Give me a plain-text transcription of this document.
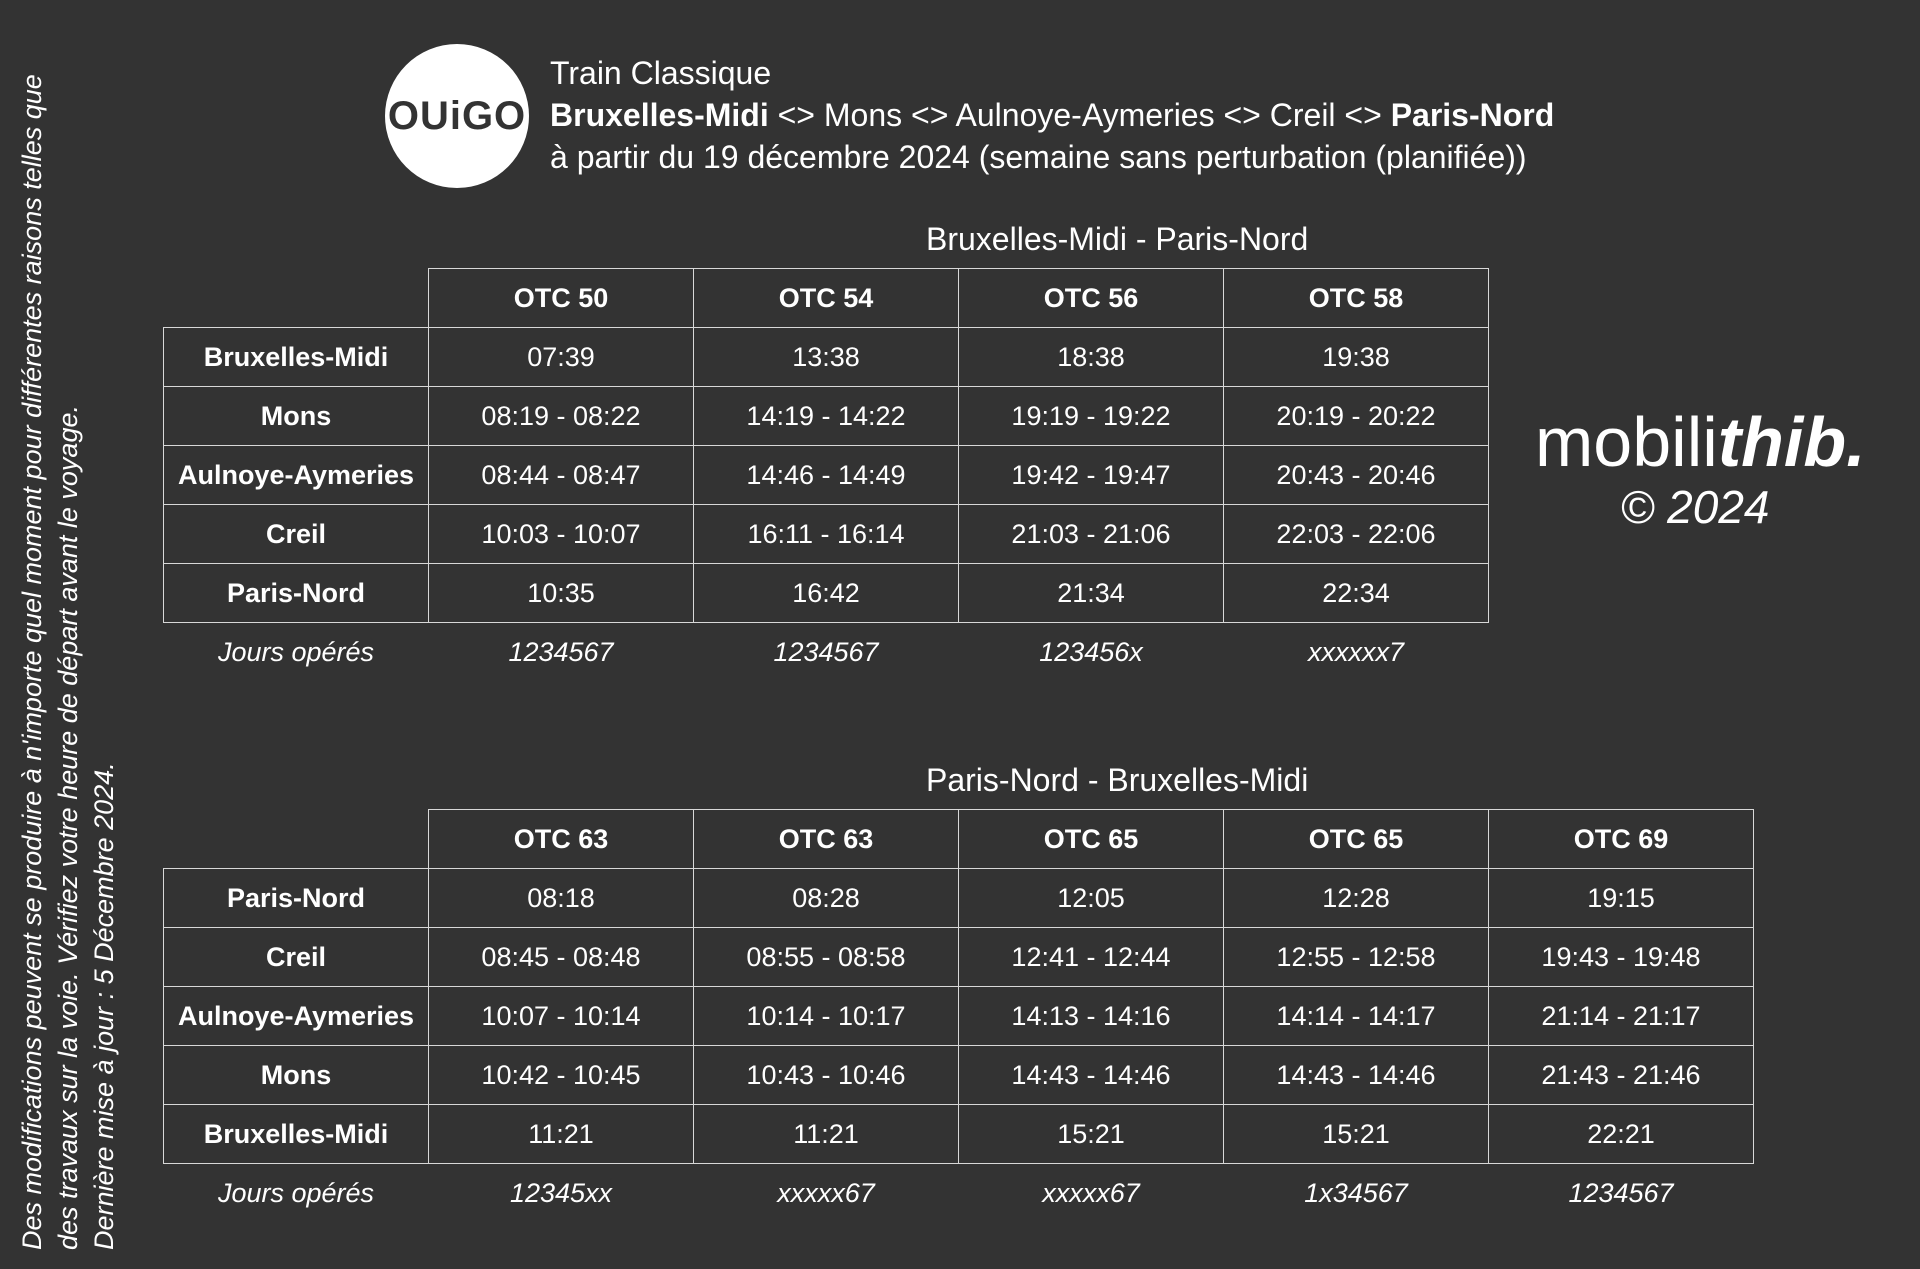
Des modifications peuvent se produire à n'importe quel moment pour différentes raisons telles que des travaux sur la voie. Vérifiez votre heure de départ avant le voyage. Dernière mise à jour : 5 Décembre 2024.
OUiGO
Train Classique
Bruxelles-Midi <> Mons <> Aulnoye-Aymeries <> Creil <> Paris-Nord
à partir du 19 décembre 2024 (semaine sans perturbation (planifiée))
mobilithib.
© 2024
Bruxelles-Midi - Paris-Nord
	OTC 50	OTC 54	OTC 56	OTC 58
Bruxelles-Midi	07:39	13:38	18:38	19:38
Mons	08:19 - 08:22	14:19 - 14:22	19:19 - 19:22	20:19 - 20:22
Aulnoye-Aymeries	08:44 - 08:47	14:46 - 14:49	19:42 - 19:47	20:43 - 20:46
Creil	10:03 - 10:07	16:11 - 16:14	21:03 - 21:06	22:03 - 22:06
Paris-Nord	10:35	16:42	21:34	22:34
Jours opérés	1234567	1234567	123456x	xxxxxx7
Paris-Nord - Bruxelles-Midi
	OTC 63	OTC 63	OTC 65	OTC 65	OTC 69
Paris-Nord	08:18	08:28	12:05	12:28	19:15
Creil	08:45 - 08:48	08:55 - 08:58	12:41 - 12:44	12:55 - 12:58	19:43 - 19:48
Aulnoye-Aymeries	10:07 - 10:14	10:14 - 10:17	14:13 - 14:16	14:14 - 14:17	21:14 - 21:17
Mons	10:42 - 10:45	10:43 - 10:46	14:43 - 14:46	14:43 - 14:46	21:43 - 21:46
Bruxelles-Midi	11:21	11:21	15:21	15:21	22:21
Jours opérés	12345xx	xxxxx67	xxxxx67	1x34567	1234567
